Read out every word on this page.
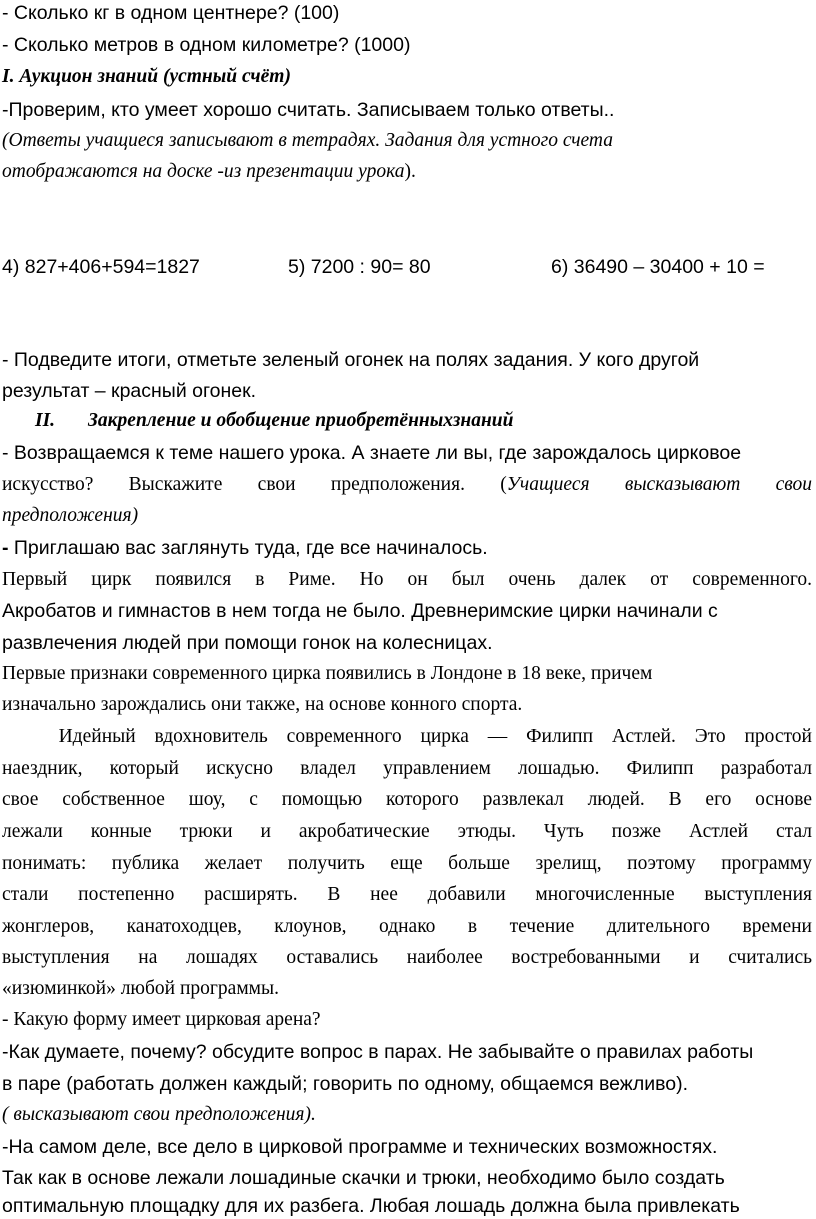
- Сколько кг в одном центнере? (100)
- Сколько метров в одном километре? (1000)
I. Аукцион знаний (устный счёт)
-Проверим, кто умеет хорошо считать. Записываем только ответы..
(Ответы учащиеся записывают в тетрадях. Задания для устного счета
отображаются на доске -из презентации урока).
4) 827+406+594=1827	5) 7200 : 90= 80	6) 36490 – 30400 + 10 =
- Подведите итоги, отметьте зеленый огонек на полях задания. У кого другой
результат – красный огонек.
II. Закрепление и обобщение приобретённыхзнаний
- Возвращаемся к теме нашего урока. А знаете ли вы, где зарождалось цирковое
искусство? Выскажите свои предположения. (Учащиеся высказывают свои
предположения)
- Приглашаю вас заглянуть туда, где все начиналось.
Первый цирк появился в Риме. Но он был очень далек от современного.
Акробатов и гимнастов в нем тогда не было. Древнеримские цирки начинали с
развлечения людей при помощи гонок на колесницах.
Первые признаки современного цирка появились в Лондоне в 18 веке, причем
изначально зарождались они также, на основе конного спорта.
Идейный вдохновитель современного цирка — Филипп Астлей. Это простой
наездник, который искусно владел управлением лошадью. Филипп разработал
свое собственное шоу, с помощью которого развлекал людей. В его основе
лежали конные трюки и акробатические этюды. Чуть позже Астлей стал
понимать: публика желает получить еще больше зрелищ, поэтому программу
стали постепенно расширять. В нее добавили многочисленные выступления
жонглеров, канатоходцев, клоунов, однако в течение длительного времени
выступления на лошадях оставались наиболее востребованными и считались
«изюминкой» любой программы.
- Какую форму имеет цирковая арена?
-Как думаете, почему? обсудите вопрос в парах. Не забывайте о правилах работы
в паре (работать должен каждый; говорить по одному, общаемся вежливо).
( высказывают свои предположения).
-На самом деле, все дело в цирковой программе и технических возможностях.
Так как в основе лежали лошадиные скачки и трюки, необходимо было создать
оптимальную площадку для их разбега. Любая лошадь должна была привлекать
